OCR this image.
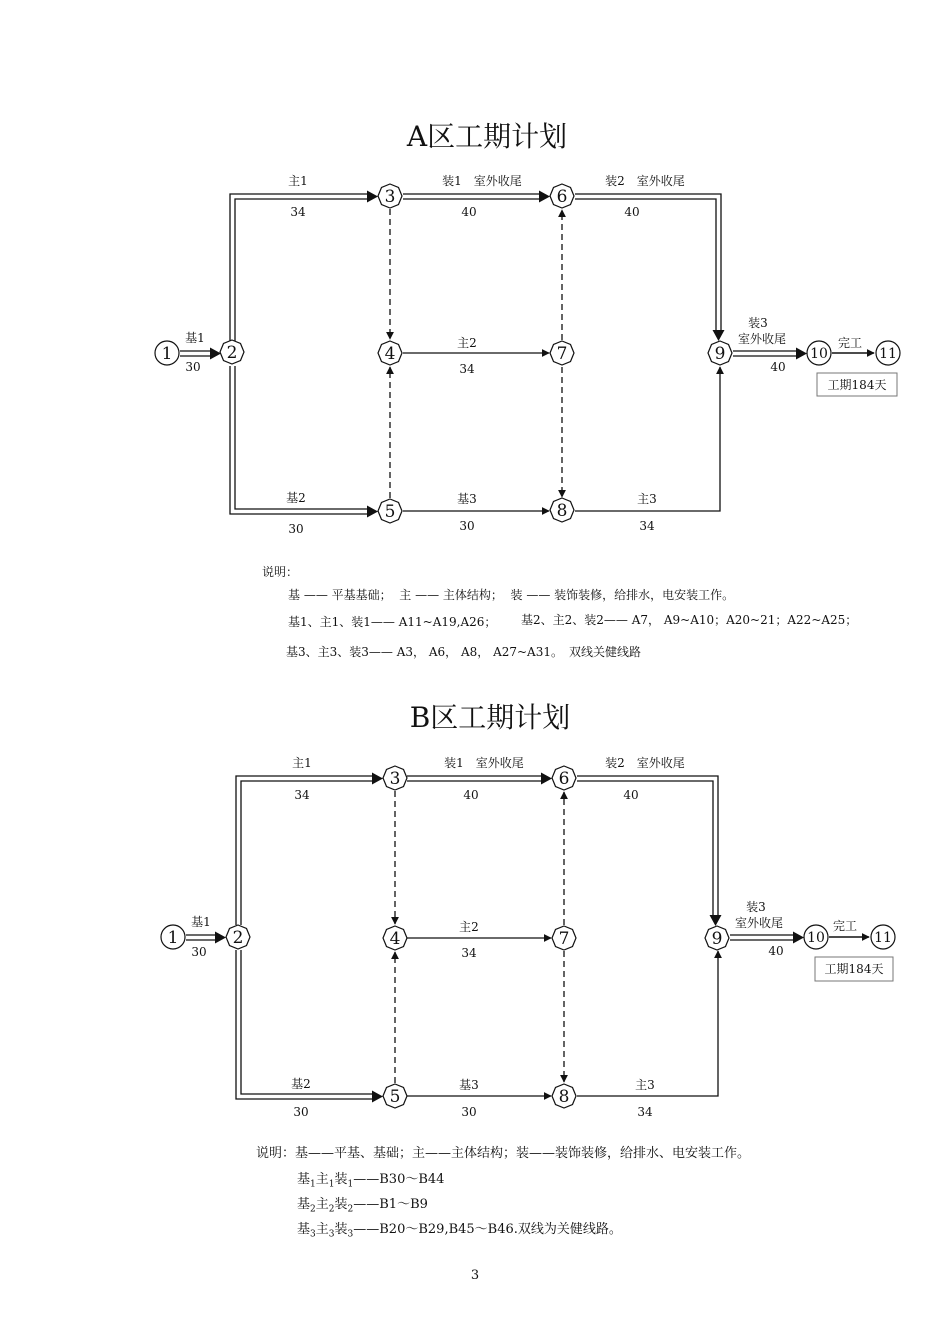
A区工期计划
基1
30
主1
34
基2
30
装1　室外收尾
40
装2　室外收尾
40
装3
室外收尾
40
完工
主2
34
基3
30
主3
34
1	2
3
4
5
6
7
8
9	10	11
工期184天
B区工期计划
基1
30
主1
34
基2
30
装1　室外收尾
40
装2　室外收尾
40
装3
室外收尾
40
完工
主2
34
基3
30
主3
34
1	2
3
4
5
6
7
8
9	10	11
工期184天
说明：
基 —— 平基基础；  主 —— 主体结构；  装 —— 装饰装修，给排水，电安装工作。
基1、主1、装1—— A11~A19,A26； 基2、主2、装2—— A7， A9~A10；A20~21；A22~A25；
基3、主3、装3—— A3， A6， A8， A27~A31。 双线关健线路
说明：基——平基、基础；主——主体结构；装——装饰装修，给排水、电安装工作。
基$_1$主$_1$装$_1$——B30～B44
基$_2$主$_2$装$_2$——B1～B9
基$_3$主$_3$装$_3$——B20～B29,B45～B46.双线为关健线路。
3
